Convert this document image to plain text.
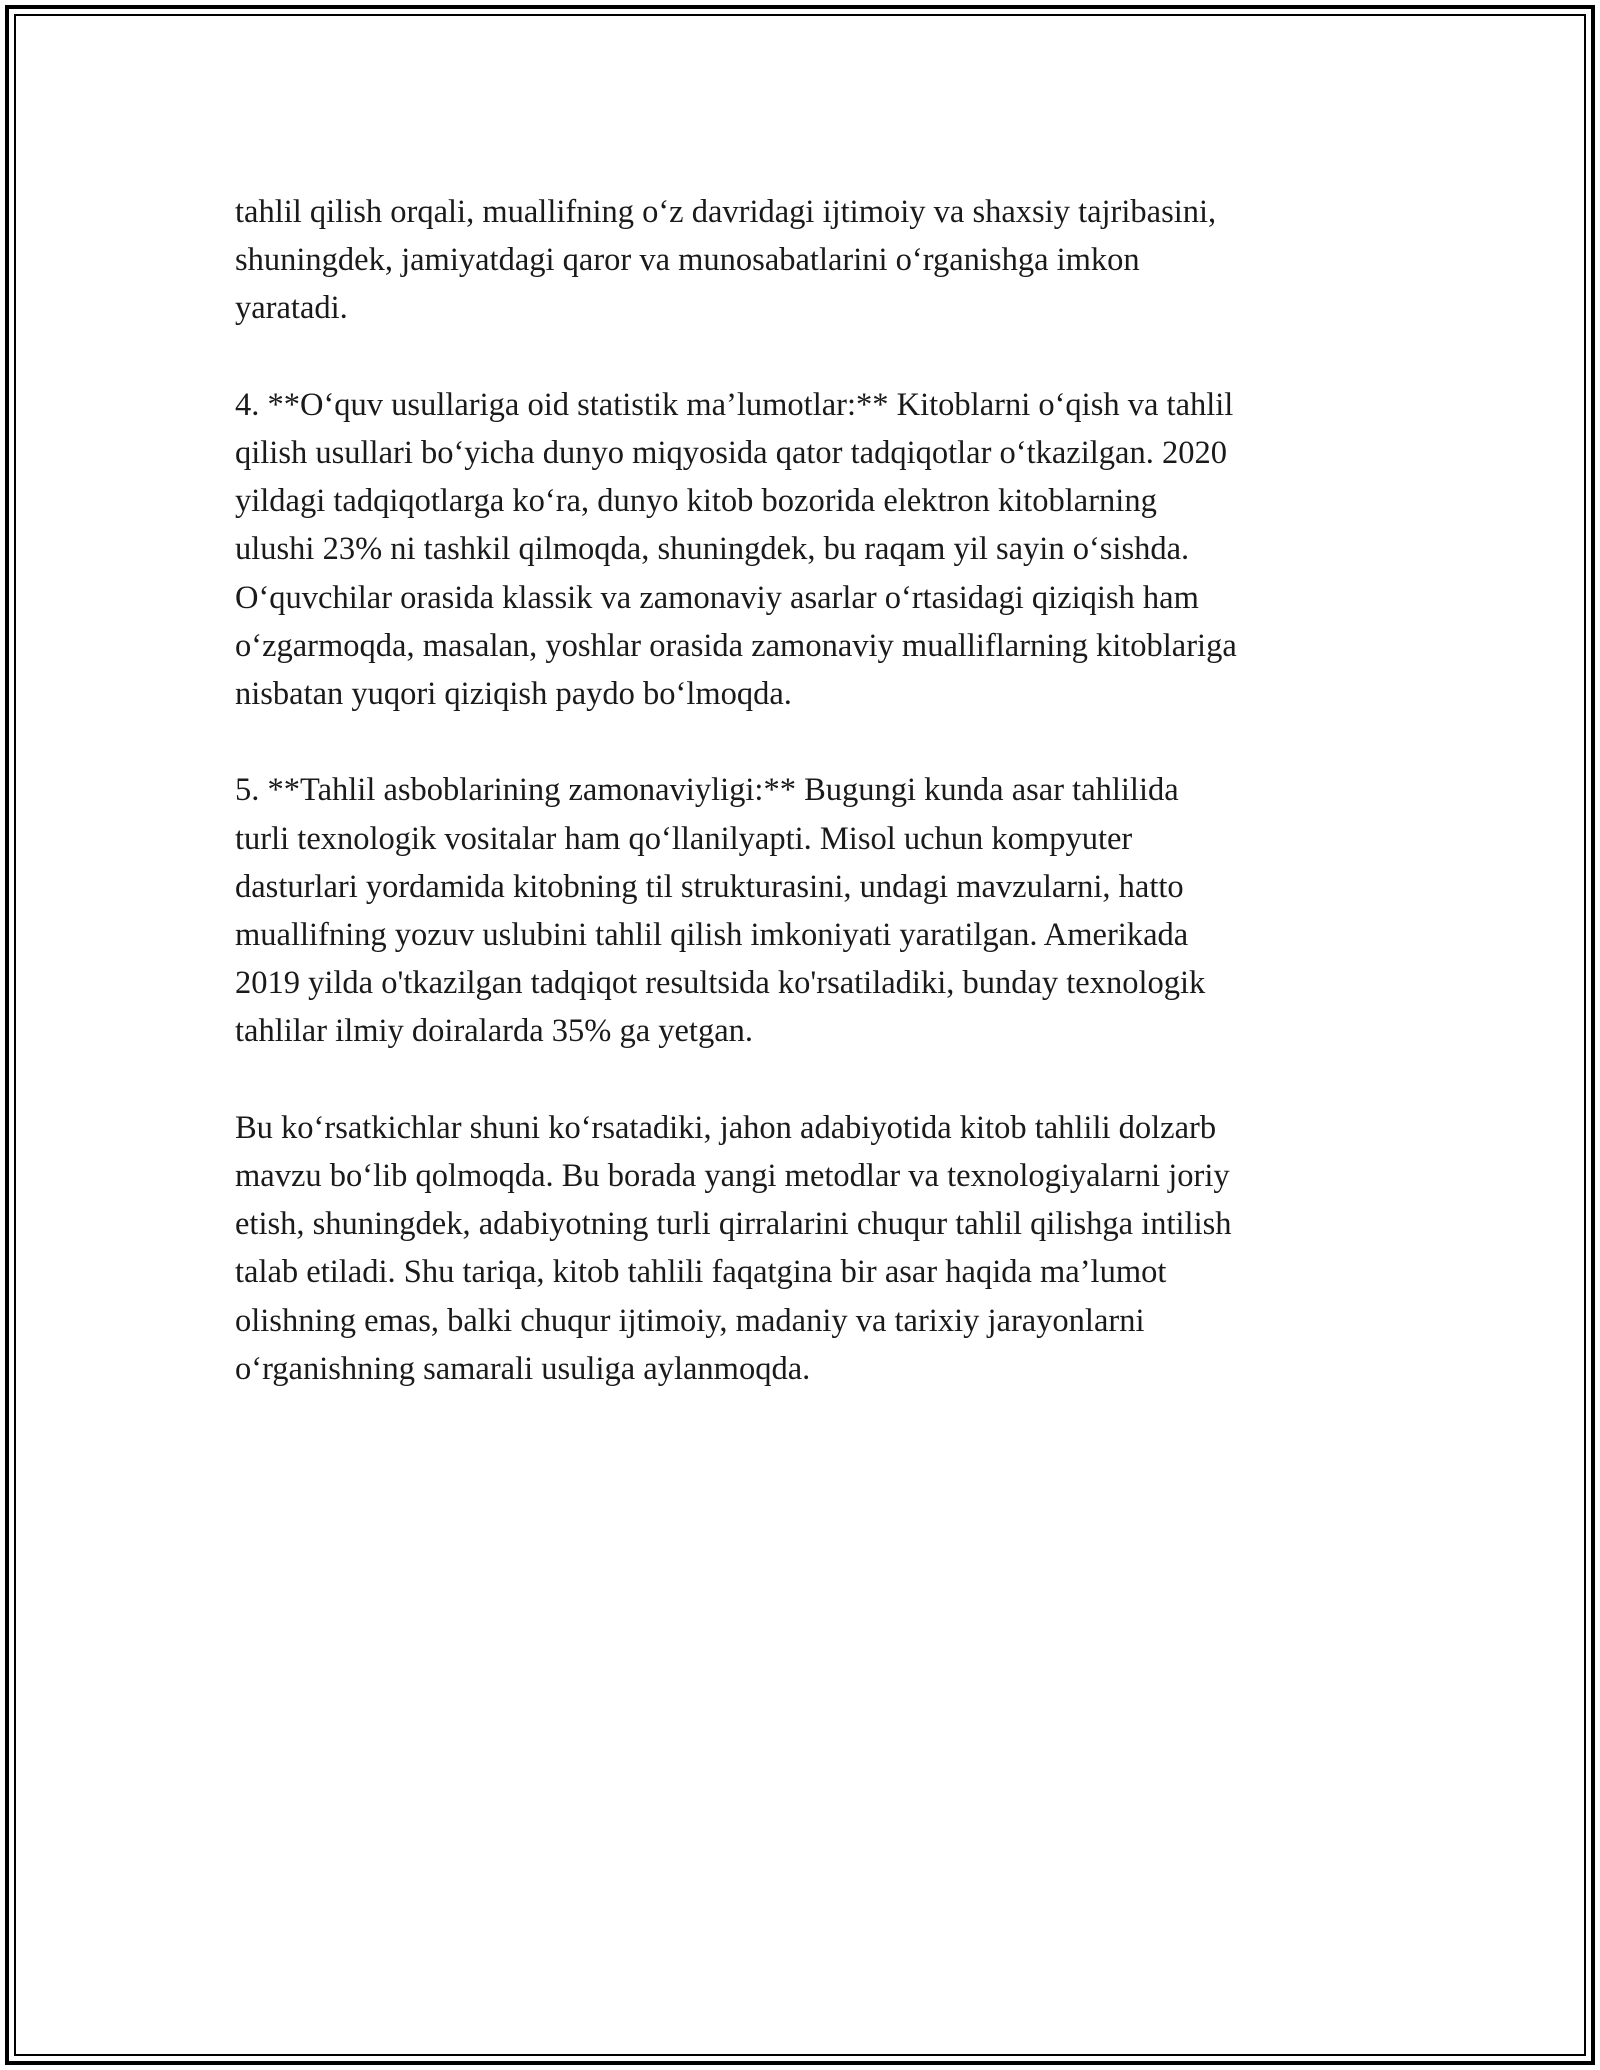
tahlil qilish orqali, muallifning o‘z davridagi ijtimoiy va shaxsiy tajribasini,
shuningdek, jamiyatdagi qaror va munosabatlarini o‘rganishga imkon
yaratadi.

4. **O‘quv usullariga oid statistik ma’lumotlar:** Kitoblarni o‘qish va tahlil
qilish usullari bo‘yicha dunyo miqyosida qator tadqiqotlar o‘tkazilgan. 2020
yildagi tadqiqotlarga ko‘ra, dunyo kitob bozorida elektron kitoblarning
ulushi 23% ni tashkil qilmoqda, shuningdek, bu raqam yil sayin o‘sishda.
O‘quvchilar orasida klassik va zamonaviy asarlar o‘rtasidagi qiziqish ham
o‘zgarmoqda, masalan, yoshlar orasida zamonaviy mualliflarning kitoblariga
nisbatan yuqori qiziqish paydo bo‘lmoqda.

5. **Tahlil asboblarining zamonaviyligi:** Bugungi kunda asar tahlilida
turli texnologik vositalar ham qo‘llanilyapti. Misol uchun kompyuter
dasturlari yordamida kitobning til strukturasini, undagi mavzularni, hatto
muallifning yozuv uslubini tahlil qilish imkoniyati yaratilgan. Amerikada
2019 yilda o'tkazilgan tadqiqot resultsida ko'rsatiladiki, bunday texnologik
tahlilar ilmiy doiralarda 35% ga yetgan.

Bu ko‘rsatkichlar shuni ko‘rsatadiki, jahon adabiyotida kitob tahlili dolzarb
mavzu bo‘lib qolmoqda. Bu borada yangi metodlar va texnologiyalarni joriy
etish, shuningdek, adabiyotning turli qirralarini chuqur tahlil qilishga intilish
talab etiladi. Shu tariqa, kitob tahlili faqatgina bir asar haqida ma’lumot
olishning emas, balki chuqur ijtimoiy, madaniy va tarixiy jarayonlarni
o‘rganishning samarali usuliga aylanmoqda.
